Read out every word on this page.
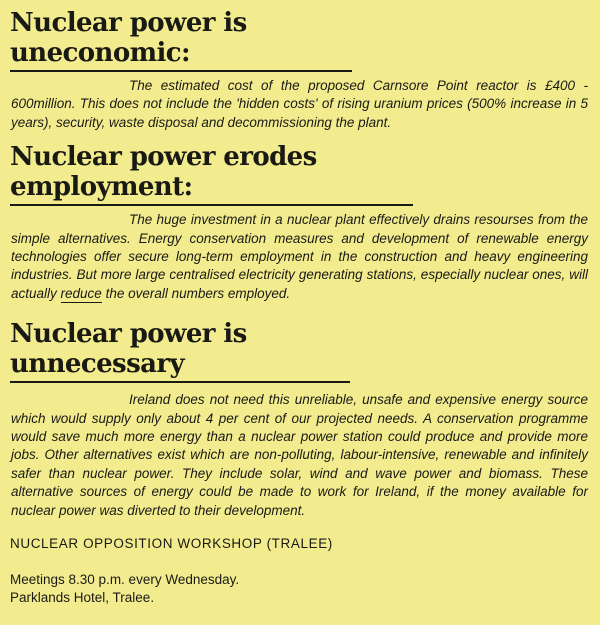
Nuclear power is uneconomic:

The estimated cost of the proposed Carnsore Point reactor is £400 - 600million. This does not include the 'hidden costs' of rising uranium prices (500% increase in 5 years), security, waste disposal and decommissioning the plant.

Nuclear power erodes employment:

The huge investment in a nuclear plant effectively drains resourses from the simple alternatives. Energy conservation measures and development of renewable energy technologies offer secure long-term employment in the construction and heavy engineering industries. But more large centralised electricity generating stations, especially nuclear ones, will actually reduce the overall numbers employed.

Nuclear power is unnecessary

Ireland does not need this unreliable, unsafe and expensive energy source which would supply only about 4 per cent of our projected needs. A conservation programme would save much more energy than a nuclear power station could produce and provide more jobs. Other alternatives exist which are non-polluting, labour-intensive, renewable and infinitely safer than nuclear power. They include solar, wind and wave power and biomass. These alternative sources of energy could be made to work for Ireland, if the money available for nuclear power was diverted to their development.

NUCLEAR OPPOSITION WORKSHOP (TRALEE)
Meetings 8.30 p.m. every Wednesday.
Parklands Hotel, Tralee.
